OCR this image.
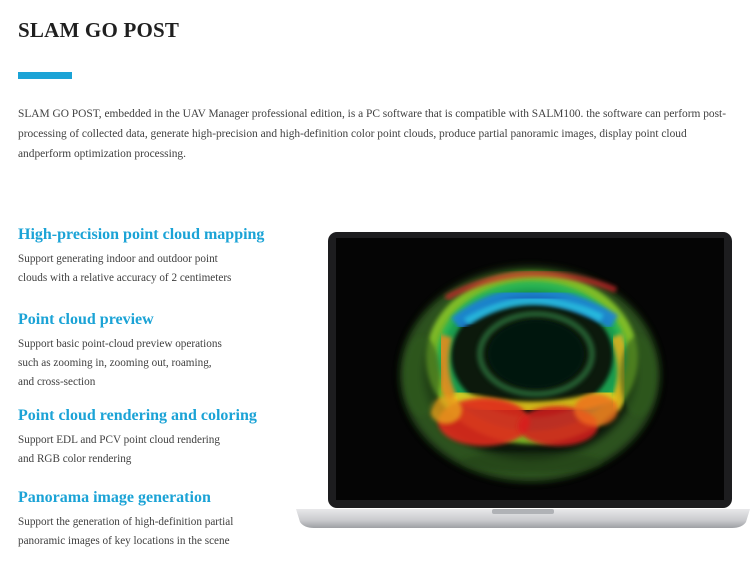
SLAM GO POST
SLAM GO POST, embedded in the UAV Manager professional edition, is a PC software that is compatible with SALM100. the software can perform post-processing of collected data, generate high-precision and high-definition color point clouds, produce partial panoramic images, display point cloud andperform optimization processing.
High-precision point cloud mapping

Support generating indoor and outdoor point
clouds with a relative accuracy of 2 centimeters

Point cloud preview

Support basic point-cloud preview operations
such as zooming in, zooming out, roaming,
and cross-section

Point cloud rendering and coloring

Support EDL and PCV point cloud rendering
and RGB color rendering

Panorama image generation

Support the generation of high-definition partial
panoramic images of key locations in the scene
